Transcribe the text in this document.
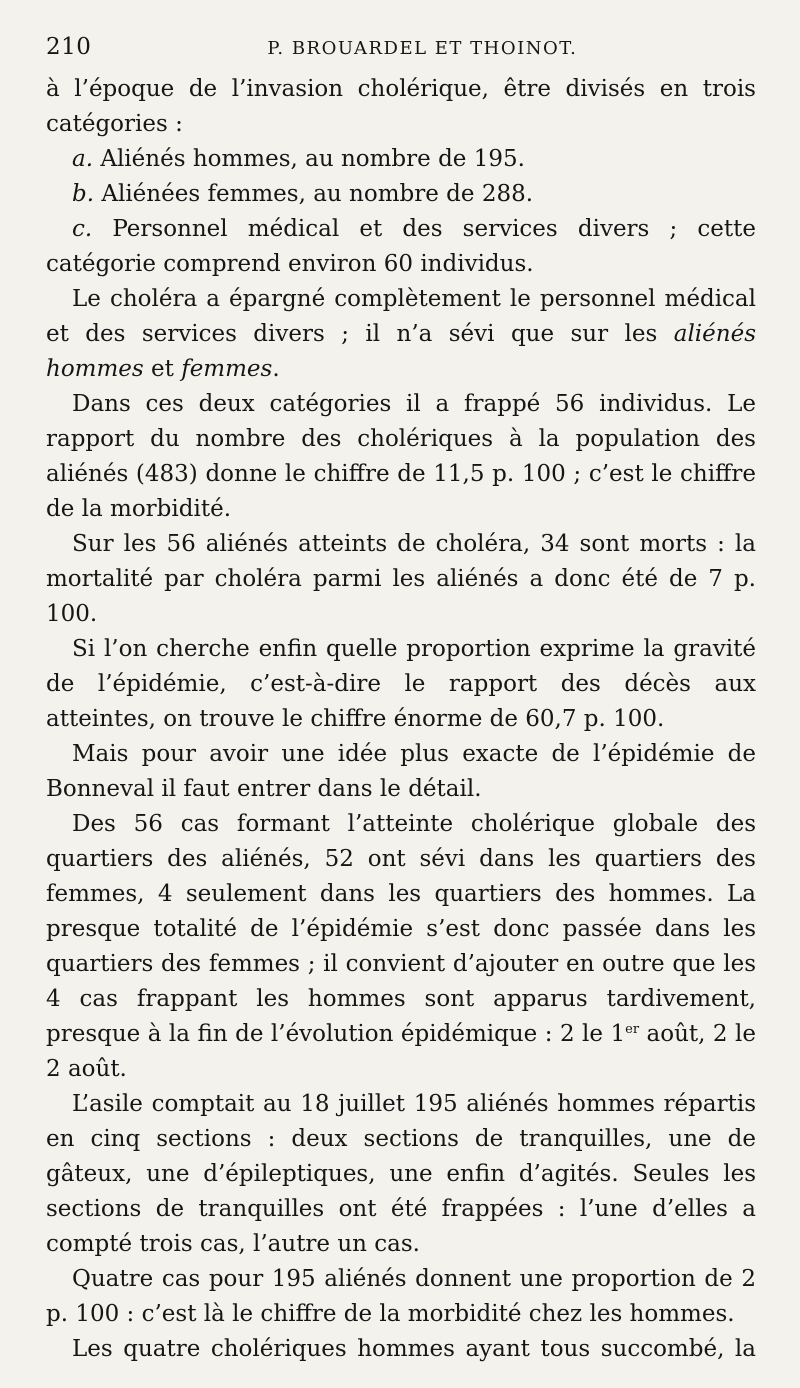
210	P. BROUARDEL ET THOINOT.

à l’époque de l’invasion cholérique, être divisés en trois catégories :

a. Aliénés hommes, au nombre de 195.

b. Aliénées femmes, au nombre de 288.

c. Personnel médical et des services divers ; cette catégorie comprend environ 60 individus.

Le choléra a épargné complètement le personnel médical et des services divers ; il n’a sévi que sur les aliénés hommes et femmes.

Dans ces deux catégories il a frappé 56 individus. Le rapport du nombre des cholériques à la population des aliénés (483) donne le chiffre de 11,5 p. 100 ; c’est le chiffre de la morbidité.

Sur les 56 aliénés atteints de choléra, 34 sont morts : la mortalité par choléra parmi les aliénés a donc été de 7 p. 100.

Si l’on cherche enfin quelle proportion exprime la gravité de l’épidémie, c’est-à-dire le rapport des décès aux atteintes, on trouve le chiffre énorme de 60,7 p. 100.

Mais pour avoir une idée plus exacte de l’épidémie de Bonneval il faut entrer dans le détail.

Des 56 cas formant l’atteinte cholérique globale des quartiers des aliénés, 52 ont sévi dans les quartiers des femmes, 4 seulement dans les quartiers des hommes. La presque totalité de l’épidémie s’est donc passée dans les quartiers des femmes ; il convient d’ajouter en outre que les 4 cas frappant les hommes sont apparus tardivement, presque à la fin de l’évolution épidémique : 2 le 1er août, 2 le 2 août.

L’asile comptait au 18 juillet 195 aliénés hommes répartis en cinq sections : deux sections de tranquilles, une de gâteux, une d’épileptiques, une enfin d’agités. Seules les sections de tranquilles ont été frappées : l’une d’elles a compté trois cas, l’autre un cas.

Quatre cas pour 195 aliénés donnent une proportion de 2 p. 100 : c’est là le chiffre de la morbidité chez les hommes.

Les quatre cholériques hommes ayant tous succombé, la
